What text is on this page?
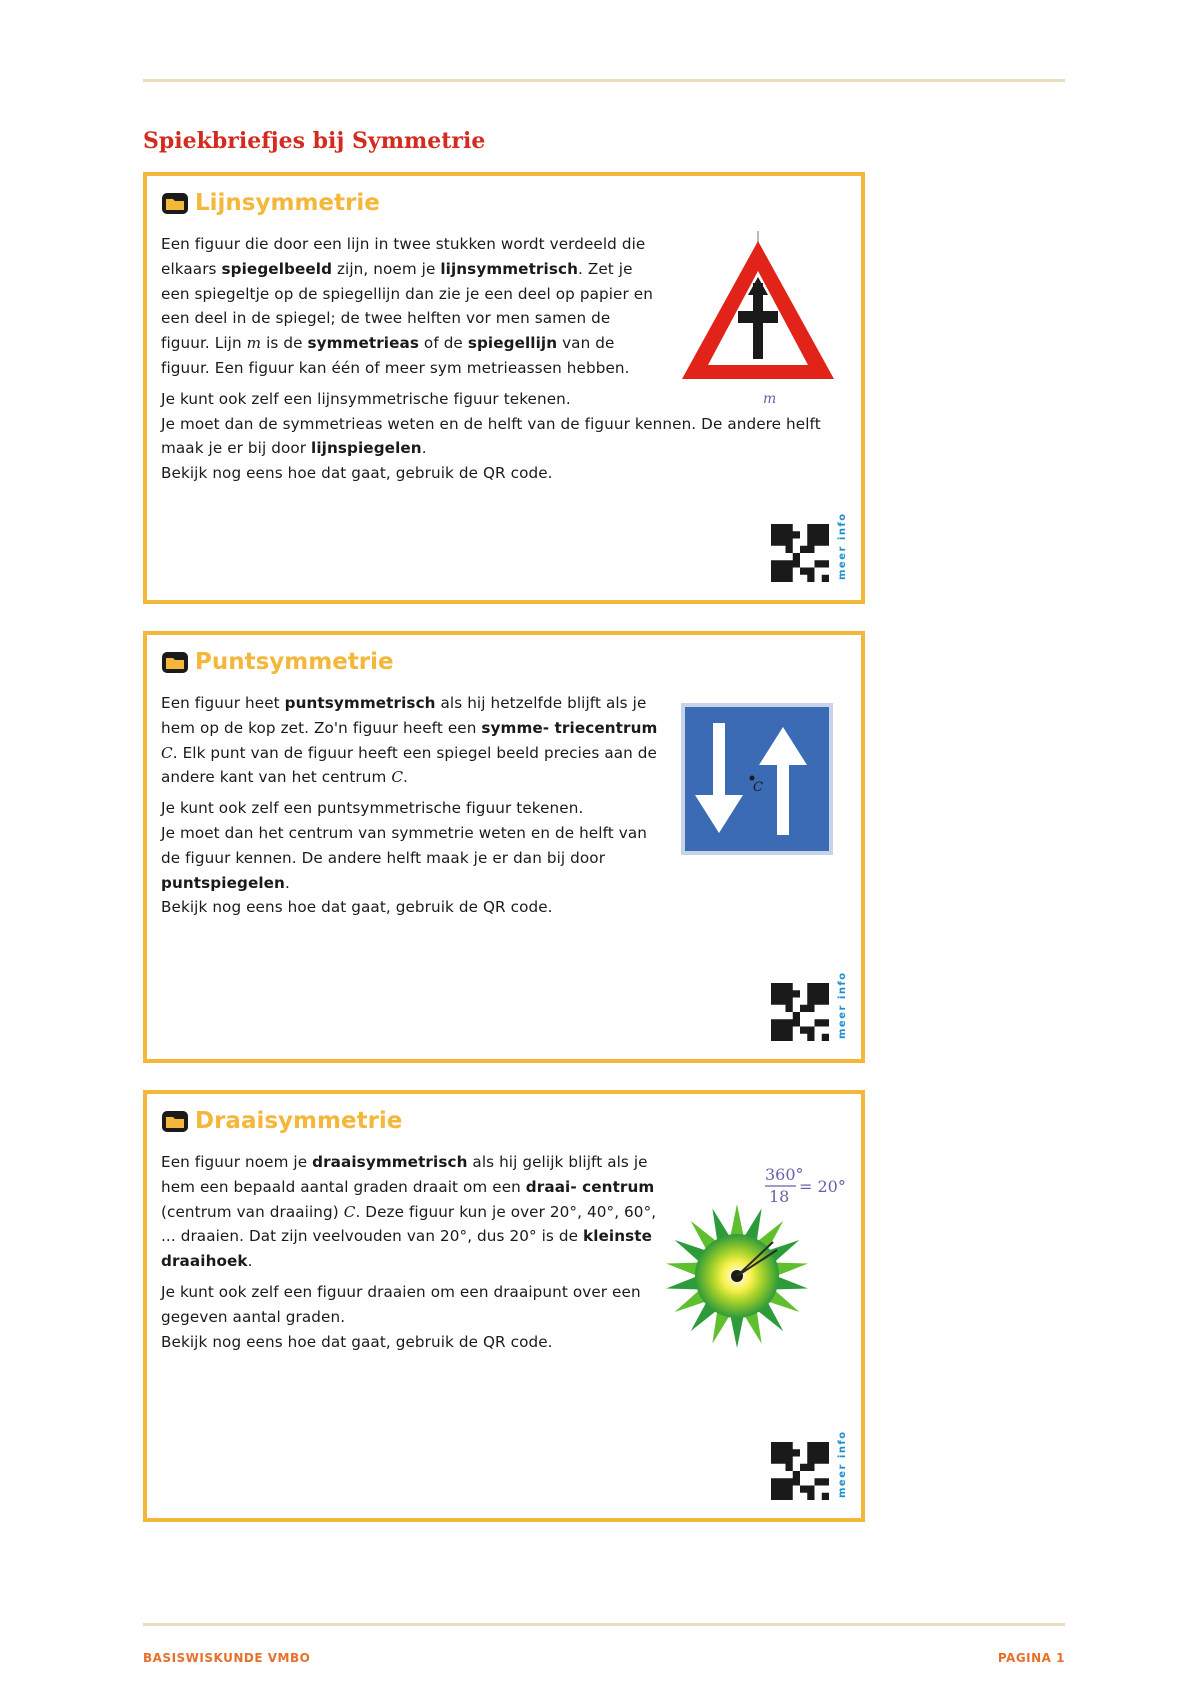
Spiekbriefjes bij Symmetrie
Lijnsymmetrie

Een figuur die door een lijn in twee stukken wordt verdeeld die elkaars spiegelbeeld zijn, noem je lijnsymmetrisch. Zet je een spiegeltje op de spiegellijn dan zie je een deel op papier en een deel in de spiegel; de twee helften vor men samen de figuur. Lijn m is de symmetrieas of de spiegellijn van de figuur. Een figuur kan één of meer sym metrieassen hebben.

Je kunt ook zelf een lijnsymmetrische figuur tekenen.
Je moet dan de symmetrieas weten en de helft van de figuur kennen. De andere helft maak je er bij door lijnspiegelen.
Bekijk nog eens hoe dat gaat, gebruik de QR code.

m
meer info
Puntsymmetrie

Een figuur heet puntsymmetrisch als hij hetzelfde blijft als je hem op de kop zet. Zo'n figuur heeft een symme- triecentrum C. Elk punt van de figuur heeft een spiegel beeld precies aan de andere kant van het centrum C.

Je kunt ook zelf een puntsymmetrische figuur tekenen.
Je moet dan het centrum van symmetrie weten en de helft van de figuur kennen. De andere helft maak je er dan bij door puntspiegelen.
Bekijk nog eens hoe dat gaat, gebruik de QR code.

C
meer info
Draaisymmetrie

Een figuur noem je draaisymmetrisch als hij gelijk blijft als je hem een bepaald aantal graden draait om een draai- centrum (centrum van draaiing) C. Deze figuur kun je over 20°, 40°, 60°, ... draaien. Dat zijn veelvouden van 20°, dus 20° is de kleinste draaihoek.

Je kunt ook zelf een figuur draaien om een draaipunt over een gegeven aantal graden.
Bekijk nog eens hoe dat gaat, gebruik de QR code.

360°
18
= 20°
meer info
BASISWISKUNDE VMBO	PAGINA 1
